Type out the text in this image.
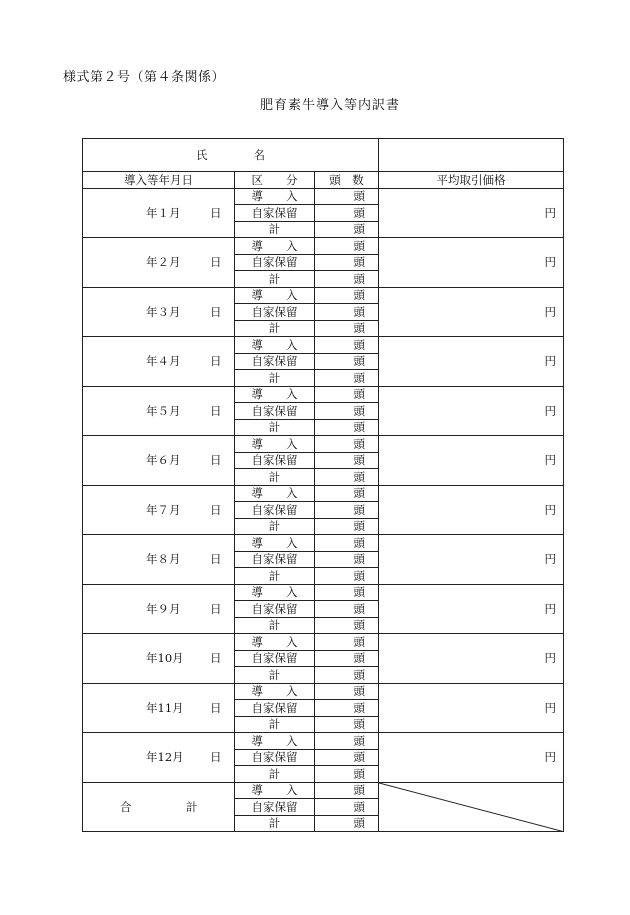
様式第２号（第４条関係）
肥育素牛導入等内訳書
氏　　　　名			
導入等年月日	区　　分	頭　数	平均取引価格

年１月 日	導　　入	頭	円
	自家保留	頭	
	計	頭	

年２月 日	導　　入	頭	円
	自家保留	頭	
	計	頭	

年３月 日	導　　入	頭	円
	自家保留	頭	
	計	頭	

年４月 日	導　　入	頭	円
	自家保留	頭	
	計	頭	

年５月 日	導　　入	頭	円
	自家保留	頭	
	計	頭	

年６月 日	導　　入	頭	円
	自家保留	頭	
	計	頭	

年７月 日	導　　入	頭	円
	自家保留	頭	
	計	頭	

年８月 日	導　　入	頭	円
	自家保留	頭	
	計	頭	

年９月 日	導　　入	頭	円
	自家保留	頭	
	計	頭	

年10月 日	導　　入	頭	円
	自家保留	頭	
	計	頭	

年11月 日	導　　入	頭	円
	自家保留	頭	
	計	頭	

年12月 日	導　　入	頭	円
	自家保留	頭	
	計	頭	

合 計	導　　入	頭	

	自家保留	頭	
	計	頭	
